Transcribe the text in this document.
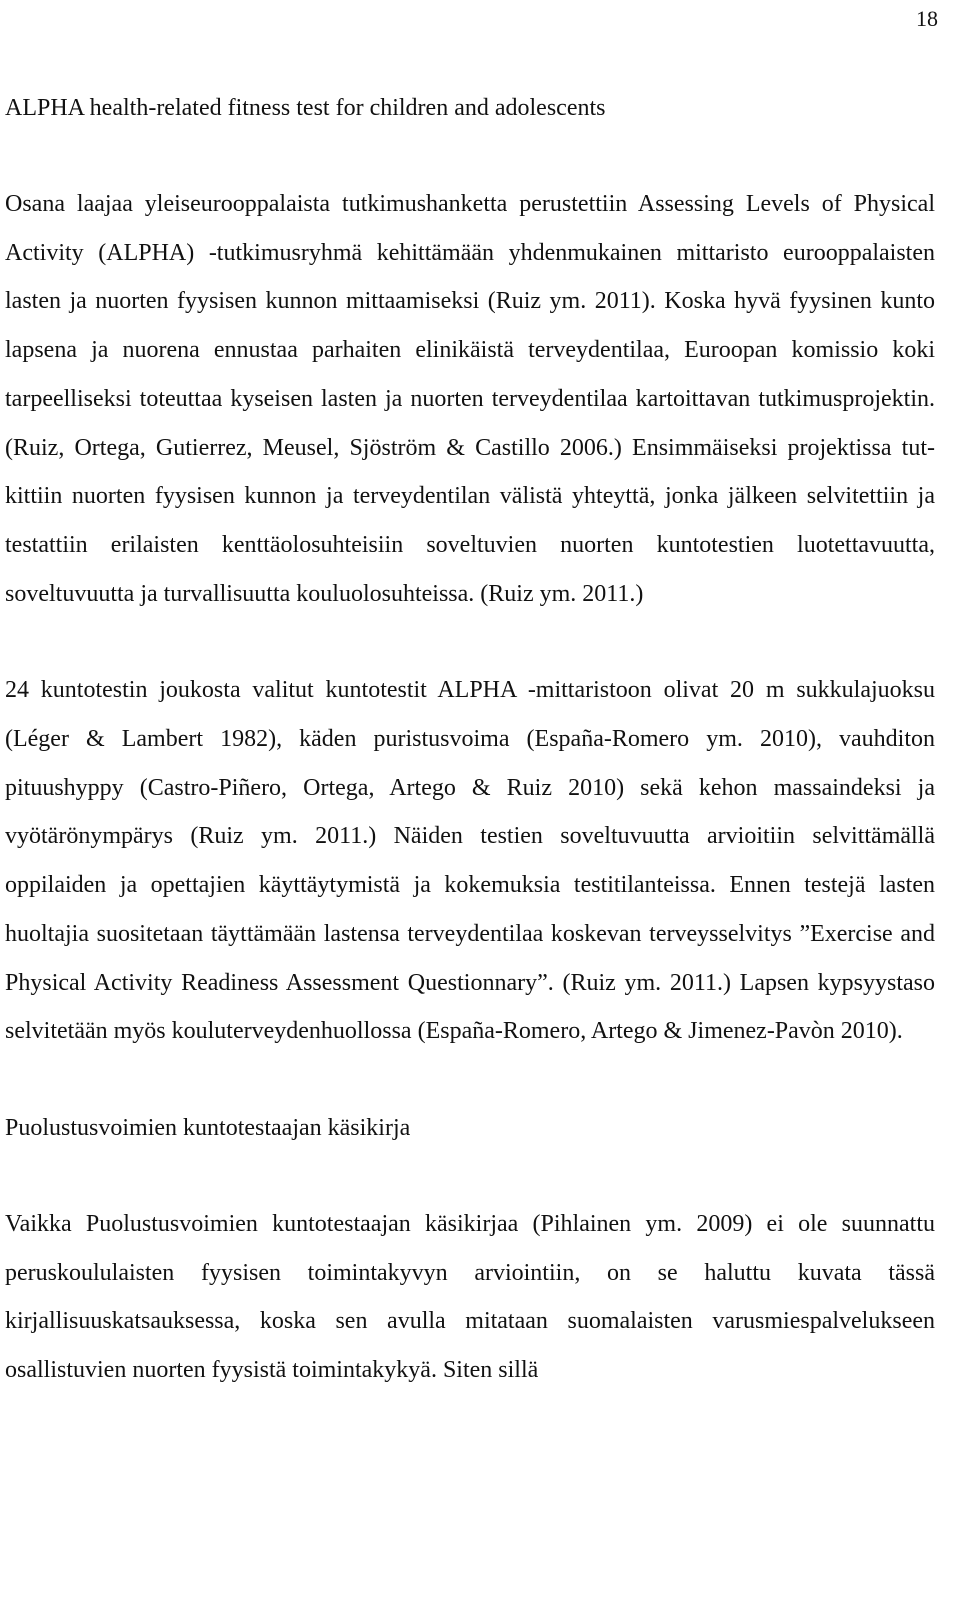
18
ALPHA health-related fitness test for children and adolescents

Osana laajaa yleiseurooppalaista tutkimushanketta perustettiin Assessing Levels of Physical Activity (ALPHA) -tutkimusryhmä kehittämään yhdenmukainen mittaristo eurooppalaisten lasten ja nuorten fyysisen kunnon mittaamiseksi (Ruiz ym. 2011). Koska hyvä fyysinen kunto lapsena ja nuorena ennustaa parhaiten elinikäistä terveydentilaa, Euroopan komissio koki tarpeelliseksi toteuttaa kyseisen lasten ja nuorten terveydentilaa kartoittavan tutkimusprojektin. (Ruiz, Ortega, Gutierrez, Meusel, Sjöström & Castillo 2006.) Ensimmäiseksi projektissa tutkittiin nuorten fyysisen kunnon ja terveydentilan välistä yhteyttä, jonka jälkeen selvitettiin ja testattiin erilaisten kenttäolosuhteisiin soveltuvien nuorten kuntotestien luotettavuutta, soveltuvuutta ja turvallisuutta kouluolosuhteissa. (Ruiz ym. 2011.)

24 kuntotestin joukosta valitut kuntotestit ALPHA -mittaristoon olivat 20 m sukkulajuoksu (Léger & Lambert 1982), käden puristusvoima (España-Romero ym. 2010), vauhditon pituushyppy (Castro-Piñero, Ortega, Artego & Ruiz 2010) sekä kehon massaindeksi ja vyötärönympärys (Ruiz ym. 2011.) Näiden testien soveltuvuutta arvioitiin selvittämällä oppilaiden ja opettajien käyttäytymistä ja kokemuksia testitilanteissa. Ennen testejä lasten huoltajia suositetaan täyttämään lastensa terveydentilaa koskevan terveysselvitys ”Exercise and Physical Activity Readiness Assessment Questionnary”. (Ruiz ym. 2011.) Lapsen kypsyystaso selvitetään myös kouluterveydenhuollossa (España-Romero, Artego & Jimenez-Pavòn 2010).

Puolustusvoimien kuntotestaajan käsikirja

Vaikka Puolustusvoimien kuntotestaajan käsikirjaa (Pihlainen ym. 2009) ei ole suunnattu peruskoululaisten fyysisen toimintakyvyn arviointiin, on se haluttu kuvata tässä kirjallisuuskatsauksessa, koska sen avulla mitataan suomalaisten varusmiespalvelukseen osallistuvien nuorten fyysistä toimintakykyä. Siten sillä
